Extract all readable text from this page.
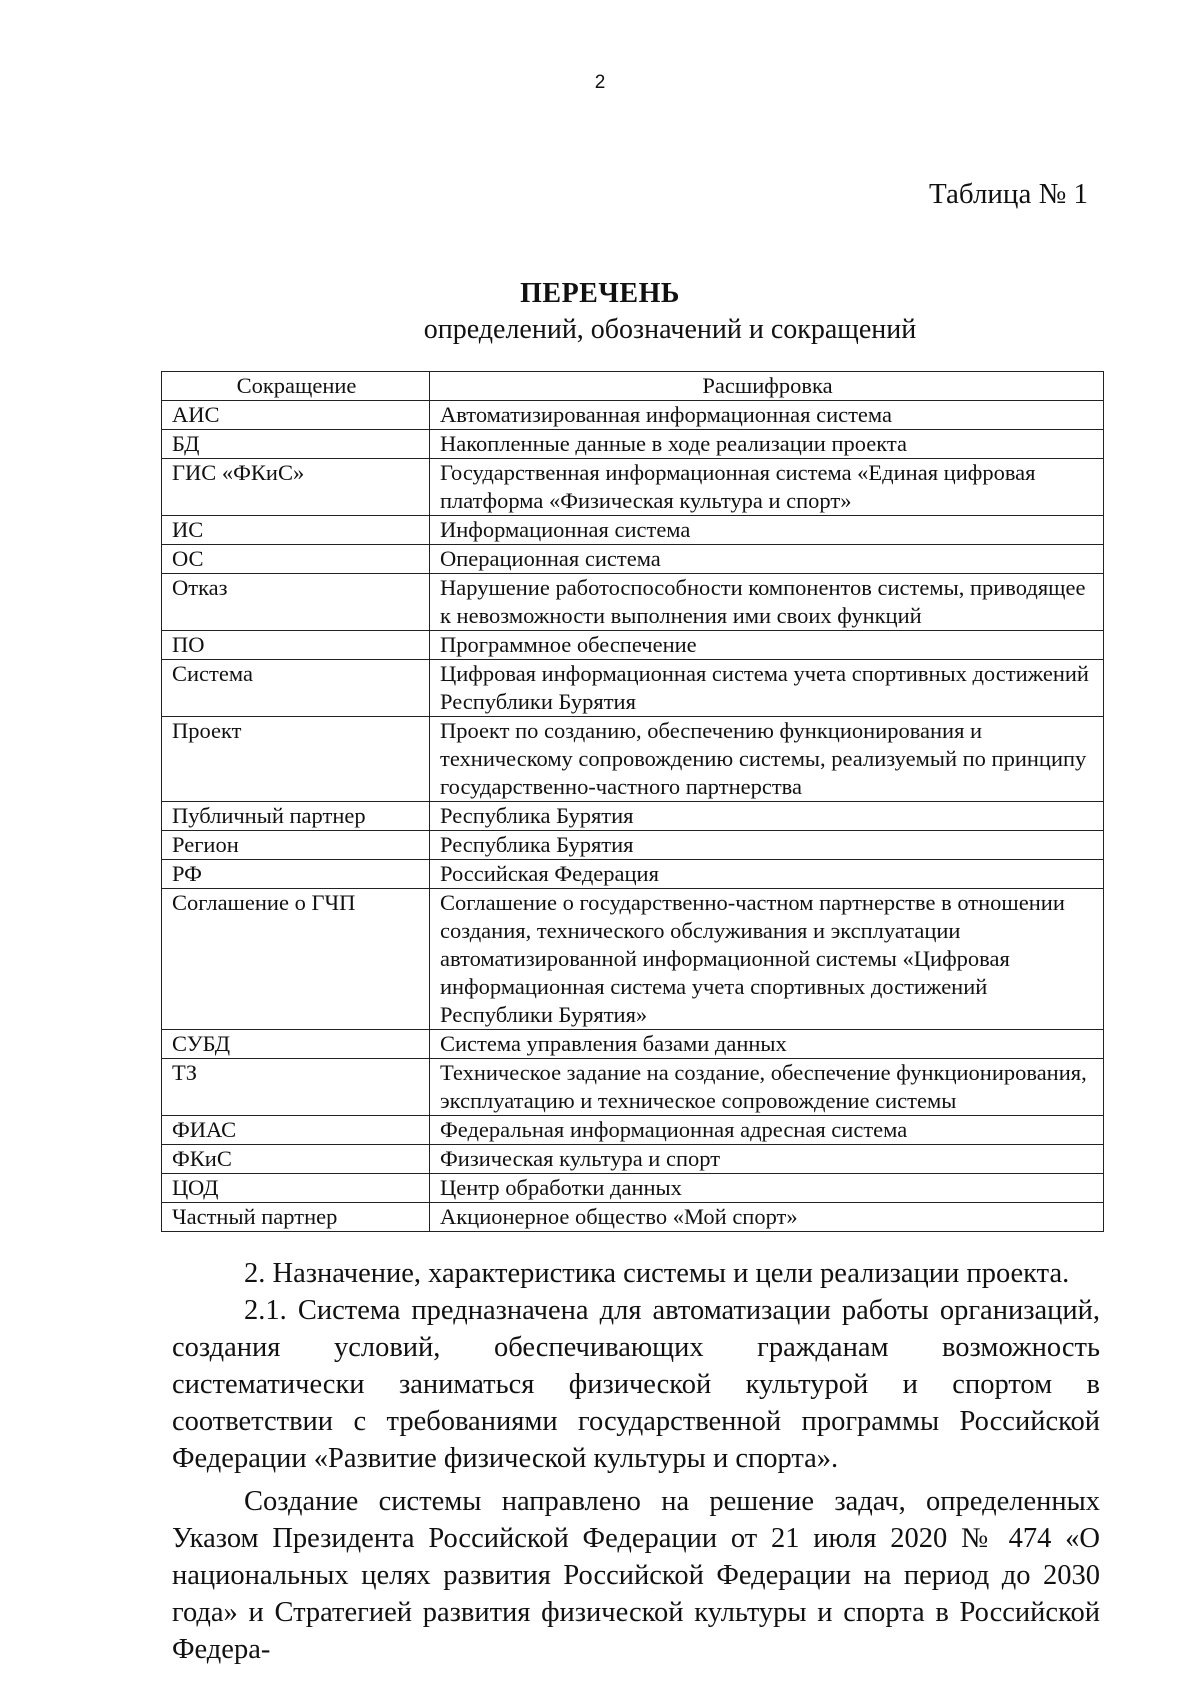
2
Таблица № 1
ПЕРЕЧЕНЬ
определений, обозначений и сокращений
Сокращение	Расшифровка
АИС	Автоматизированная информационная система
БД	Накопленные данные в ходе реализации проекта
ГИС «ФКиС»	Государственная информационная система «Единая цифровая платформа «Физическая культура и спорт»
ИС	Информационная система
ОС	Операционная система
Отказ	Нарушение работоспособности компонентов системы, приводящее к невозможности выполнения ими своих функций
ПО	Программное обеспечение
Система	Цифровая информационная система учета спортивных достижений Республики Бурятия
Проект	Проект по созданию, обеспечению функционирования и техническому сопровождению системы, реализуемый по принципу государственно-частного партнерства
Публичный партнер	Республика Бурятия
Регион	Республика Бурятия
РФ	Российская Федерация
Соглашение о ГЧП	Соглашение о государственно-частном партнерстве в отношении создания, технического обслуживания и эксплуатации автоматизированной информационной системы «Цифровая информационная система учета спортивных достижений Республики Бурятия»
СУБД	Система управления базами данных
ТЗ	Техническое задание на создание, обеспечение функционирования, эксплуатацию и техническое сопровождение системы
ФИАС	Федеральная информационная адресная система
ФКиС	Физическая культура и спорт
ЦОД	Центр обработки данных
Частный партнер	Акционерное общество «Мой спорт»

2. Назначение, характеристика системы и цели реализации проекта.

2.1. Система предназначена для автоматизации работы организаций, создания условий, обеспечивающих гражданам возможность систематически заниматься физической культурой и спортом в соответствии с требованиями государственной программы Российской Федерации «Развитие физической культуры и спорта».

Создание системы направлено на решение задач, определенных Указом Президента Российской Федерации от 21 июля 2020 № 474 «О национальных целях развития Российской Федерации на период до 2030 года» и Стратегией развития физической культуры и спорта в Российской Федера-
